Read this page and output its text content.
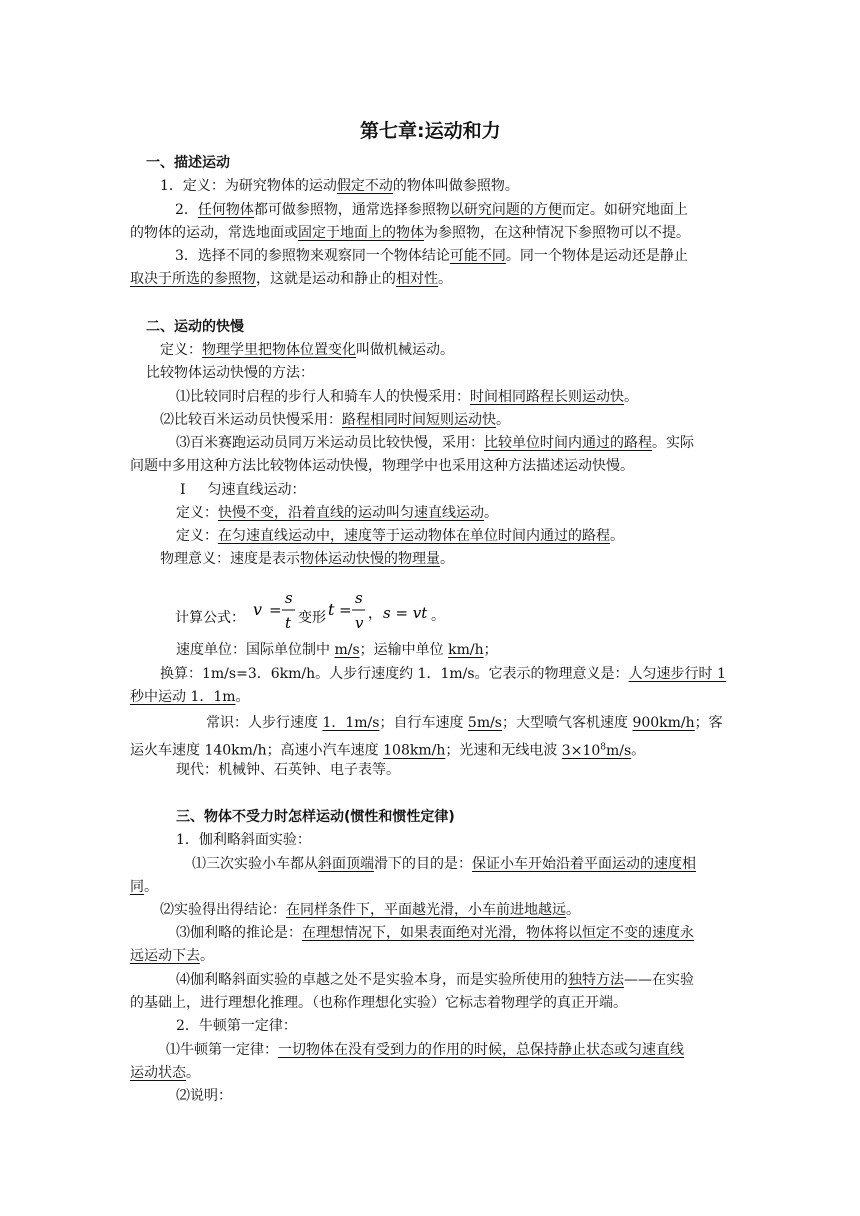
第七章:运动和力
一、描述运动
1．定义：为研究物体的运动假定不动的物体叫做参照物。
2．任何物体都可做参照物，通常选择参照物以研究问题的方便而定。如研究地面上
的物体的运动，常选地面或固定于地面上的物体为参照物，在这种情况下参照物可以不提。
3．选择不同的参照物来观察同一个物体结论可能不同。同一个物体是运动还是静止
取决于所选的参照物，这就是运动和静止的相对性。
二、运动的快慢
定义：物理学里把物体位置变化叫做机械运动。
比较物体运动快慢的方法：
⑴比较同时启程的步行人和骑车人的快慢采用：时间相同路程长则运动快。
⑵比较百米运动员快慢采用：路程相同时间短则运动快。
⑶百米赛跑运动员同万米运动员比较快慢，采用：比较单位时间内通过的路程。实际
问题中多用这种方法比较物体运动快慢，物理学中也采用这种方法描述运动快慢。
Ⅰ 匀速直线运动：
定义：快慢不变，沿着直线的运动叫匀速直线运动。
定义：在匀速直线运动中，速度等于运动物体在单位时间内通过的路程。
物理意义：速度是表示物体运动快慢的物理量。
计算公式： v =
s
t 变形 t =
s
v ， s = vt 。
速度单位：国际单位制中 m/s；运输中单位 km/h；
换算：1m/s=3．6km/h。人步行速度约 1．1m/s。它表示的物理意义是：人匀速步行时 1
秒中运动 1．1m。
常识：人步行速度 1．1m/s；自行车速度 5m/s；大型喷气客机速度 900km/h；客
运火车速度 140km/h；高速小汽车速度 108km/h；光速和无线电波 $3\times 10^8m/s$。
现代：机械钟、石英钟、电子表等。
三、物体不受力时怎样运动(惯性和惯性定律)
1．伽利略斜面实验：
⑴三次实验小车都从斜面顶端滑下的目的是：保证小车开始沿着平面运动的速度相
同。
⑵实验得出得结论：在同样条件下，平面越光滑，小车前进地越远。
⑶伽利略的推论是：在理想情况下，如果表面绝对光滑，物体将以恒定不变的速度永
远运动下去。
⑷伽利略斜面实验的卓越之处不是实验本身，而是实验所使用的独特方法——在实验
的基础上，进行理想化推理。（也称作理想化实验）它标志着物理学的真正开端。
2．牛顿第一定律：
⑴牛顿第一定律：一切物体在没有受到力的作用的时候，总保持静止状态或匀速直线
运动状态。
⑵说明：
